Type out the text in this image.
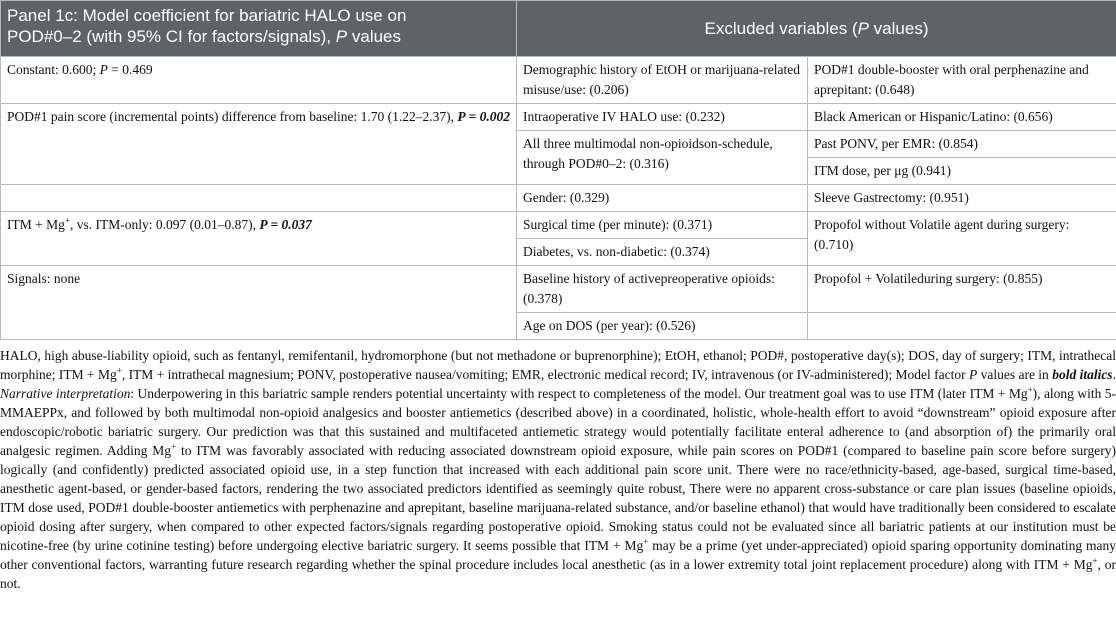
Panel 1c: Model coefficient for bariatric HALO use on
POD#0–2 (with 95% CI for factors/signals), P values	Excluded variables (P values)	
Constant: 0.600; P = 0.469	Demographic history of EtOH or marijuana-related misuse/use: (0.206)	POD#1 double-booster with oral perphenazine and aprepitant: (0.648)
POD#1 pain score (incremental points) difference from baseline: 1.70 (1.22–2.37), P = 0.002	Intraoperative IV HALO use: (0.232)	Black American or Hispanic/Latino: (0.656)
	All three multimodal non-opioidson-schedule, through POD#0–2: (0.316)	Past PONV, per EMR: (0.854)
		ITM dose, per μg (0.941)
	Gender: (0.329)	Sleeve Gastrectomy: (0.951)
ITM + Mg+, vs. ITM-only: 0.097 (0.01–0.87), P = 0.037	Surgical time (per minute): (0.371)	Propofol without Volatile agent during surgery: (0.710)
	Diabetes, vs. non-diabetic: (0.374)	
Signals: none	Baseline history of activepreoperative opioids: (0.378)	Propofol + Volatileduring surgery: (0.855)
	Age on DOS (per year): (0.526)	

HALO, high abuse-liability opioid, such as fentanyl, remifentanil, hydromorphone (but not methadone or buprenorphine); EtOH, ethanol; POD#, postoperative day(s); DOS, day of surgery; ITM, intrathecal morphine; ITM + Mg+, ITM + intrathecal magnesium; PONV, postoperative nausea/vomiting; EMR, electronic medical record; IV, intravenous (or IV-administered); Model factor P values are in bold italics.

Narrative interpretation: Underpowering in this bariatric sample renders potential uncertainty with respect to completeness of the model. Our treatment goal was to use ITM (later ITM + Mg+), along with 5-MMAEPPx, and followed by both multimodal non-opioid analgesics and booster antiemetics (described above) in a coordinated, holistic, whole-health effort to avoid “downstream” opioid exposure after endoscopic/robotic bariatric surgery. Our prediction was that this sustained and multifaceted antiemetic strategy would potentially facilitate enteral adherence to (and absorption of) the primarily oral analgesic regimen. Adding Mg+ to ITM was favorably associated with reducing associated downstream opioid exposure, while pain scores on POD#1 (compared to baseline pain score before surgery) logically (and confidently) predicted associated opioid use, in a step function that increased with each additional pain score unit. There were no race/ethnicity-based, age-based, surgical time-based, anesthetic agent-based, or gender-based factors, rendering the two associated predictors identified as seemingly quite robust, There were no apparent cross-substance or care plan issues (baseline opioids, ITM dose used, POD#1 double-booster antiemetics with perphenazine and aprepitant, baseline marijuana-related substance, and/or baseline ethanol) that would have traditionally been considered to escalate opioid dosing after surgery, when compared to other expected factors/signals regarding postoperative opioid. Smoking status could not be evaluated since all bariatric patients at our institution must be nicotine-free (by urine cotinine testing) before undergoing elective bariatric surgery. It seems possible that ITM + Mg+ may be a prime (yet under-appreciated) opioid sparing opportunity dominating many other conventional factors, warranting future research regarding whether the spinal procedure includes local anesthetic (as in a lower extremity total joint replacement procedure) along with ITM + Mg+, or not.
